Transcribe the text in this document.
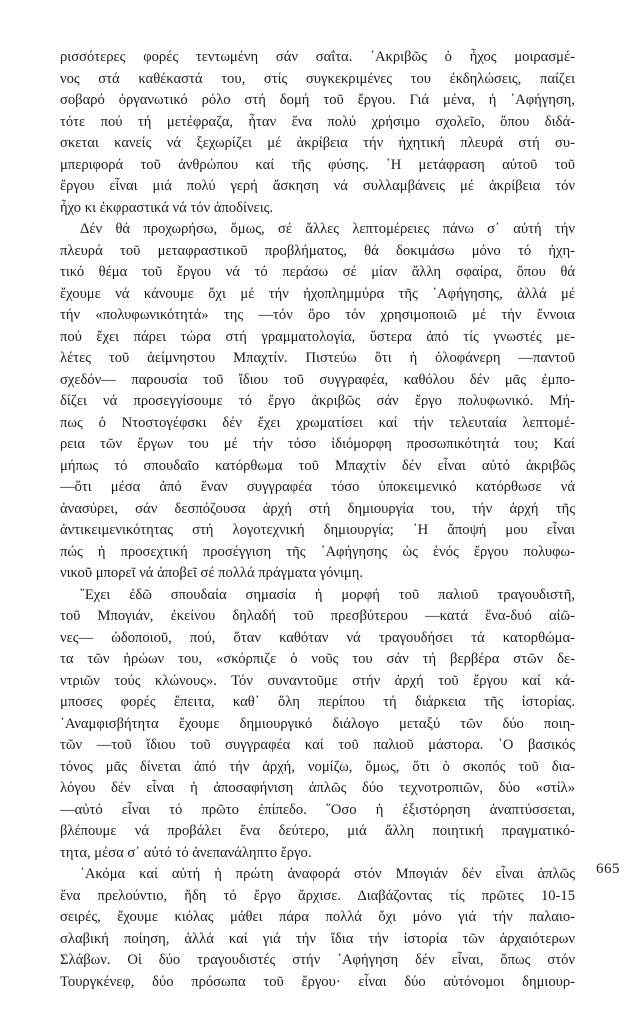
ρισσότερες φορές τεντωμένη σάν σαΐτα. ᾿Ακριβῶς ὁ ἦχος μοιρασμέ-
νος στά καθέκαστά του, στίς συγκεκριμένες του ἐκδηλώσεις, παίζει
σοβαρό ὀργανωτικό ρόλο στή δομή τοῦ ἔργου. Γιά μένα, ἡ ᾿Αφήγηση,
τότε πού τή μετέφραζα, ἦταν ἕνα πολύ χρήσιμο σχολεῖο, ὅπου διδά-
σκεται κανείς νά ξεχωρίζει μέ ἀκρίβεια τήν ἠχητική πλευρά στή συ-
μπεριφορά τοῦ ἀνθρώπου καί τῆς φύσης. ῾Η μετάφραση αὐτοῦ τοῦ
ἔργου εἶναι μιά πολύ γερή ἄσκηση νά συλλαμβάνεις μέ ἀκρίβεια τόν
ἦχο κι ἐκφραστικά νά τόν ἀποδίνεις.
Δέν θά προχωρήσω, ὅμως, σέ ἄλλες λεπτομέρειες πάνω σ᾿ αὐτή τήν
πλευρά τοῦ μεταφραστικοῦ προβλήματος, θά δοκιμάσω μόνο τό ἠχη-
τικό θέμα τοῦ ἔργου νά τό περάσω σέ μίαν ἄλλη σφαίρα, ὅπου θά
ἔχουμε νά κάνουμε ὄχι μέ τήν ἠχοπλημμύρα τῆς ᾿Αφήγησης, ἀλλά μέ
τήν «πολυφωνικότητά» της —τόν ὅρο τόν χρησιμοποιῶ μέ τήν ἔννοια
πού ἔχει πάρει τώρα στή γραμματολογία, ὕστερα ἀπό τίς γνωστές με-
λέτες τοῦ ἀείμνηστου Μπαχτίν. Πιστεύω ὅτι ἡ ὁλοφάνερη —παντοῦ
σχεδόν— παρουσία τοῦ ἴδιου τοῦ συγγραφέα, καθόλου δέν μᾶς ἐμπο-
δίζει νά προσεγγίσουμε τό ἔργο ἀκριβῶς σάν ἔργο πολυφωνικό. Μή-
πως ὁ Ντοστογέφσκι δέν ἔχει χρωματίσει καί τήν τελευταία λεπτομέ-
ρεια τῶν ἔργων του μέ τήν τόσο ἰδιόμορφη προσωπικότητά του; Καί
μήπως τό σπουδαῖο κατόρθωμα τοῦ Μπαχτίν δέν εἶναι αὐτό ἀκριβῶς
—ὅτι μέσα ἀπό ἕναν συγγραφέα τόσο ὑποκειμενικό κατόρθωσε νά
ἀνασύρει, σάν δεσπόζουσα ἀρχή στή δημιουργία του, τήν ἀρχή τῆς
ἀντικειμενικότητας στή λογοτεχνική δημιουργία; ῾Η ἄποψή μου εἶναι
πώς ἡ προσεχτική προσέγγιση τῆς ᾿Αφήγησης ὡς ἑνός ἔργου πολυφω-
νικοῦ μπορεῖ νά ἀποβεῖ σέ πολλά πράγματα γόνιμη.
῎Εχει ἐδῶ σπουδαία σημασία ἡ μορφή τοῦ παλιοῦ τραγουδιστῆ,
τοῦ Μπογιάν, ἐκείνου δηλαδή τοῦ πρεσβύτερου —κατά ἕνα-δυό αἰῶ-
νες— ὡδοποιοῦ, πού, ὅταν καθόταν νά τραγουδήσει τά κατορθώμα-
τα τῶν ἡρώων του, «σκόρπιζε ὁ νοῦς του σάν τή βερβέρα στῶν δε-
ντριῶν τούς κλώνους». Τόν συναντοῦμε στήν ἀρχή τοῦ ἔργου καί κά-
μποσες φορές ἔπειτα, καθ᾿ ὅλη περίπου τή διάρκεια τῆς ἱστορίας.
᾿Αναμφισβήτητα ἔχουμε δημιουργικό διάλογο μεταξύ τῶν δύο ποιη-
τῶν —τοῦ ἴδιου τοῦ συγγραφέα καί τοῦ παλιοῦ μάστορα. ῾Ο βασικός
τόνος μᾶς δίνεται ἀπό τήν ἀρχή, νομίζω, ὅμως, ὅτι ὁ σκοπός τοῦ δια-
λόγου δέν εἶναι ἡ ἀποσαφήνιση ἁπλῶς δύο τεχνοτροπιῶν, δύο «στίλ»
—αὐτό εἶναι τό πρῶτο ἐπίπεδο. ῞Οσο ἡ ἐξιστόρηση ἀναπτύσσεται,
βλέπουμε νά προβάλει ἕνα δεύτερο, μιά ἄλλη ποιητική πραγματικό-
τητα, μέσα σ᾿ αὐτό τό ἀνεπανάληπτο ἔργο.
᾿Ακόμα καί αὐτή ἡ πρώτη ἀναφορά στόν Μπογιάν δέν εἶναι ἁπλῶς
ἕνα πρελούντιο, ἤδη τό ἔργο ἄρχισε. Διαβάζοντας τίς πρῶτες 10-15
σειρές, ἔχουμε κιόλας μάθει πάρα πολλά ὄχι μόνο γιά τήν παλαιο-
σλαβική ποίηση, ἀλλά καί γιά τήν ἴδια τήν ἱστορία τῶν ἀρχαιότερων
Σλάβων. Οἱ δύο τραγουδιστές στήν ᾿Αφήγηση δέν εἶναι, ὅπως στόν
Τουργκένεφ, δύο πρόσωπα τοῦ ἔργου· εἶναι δύο αὐτόνομοι δημιουρ-
665
